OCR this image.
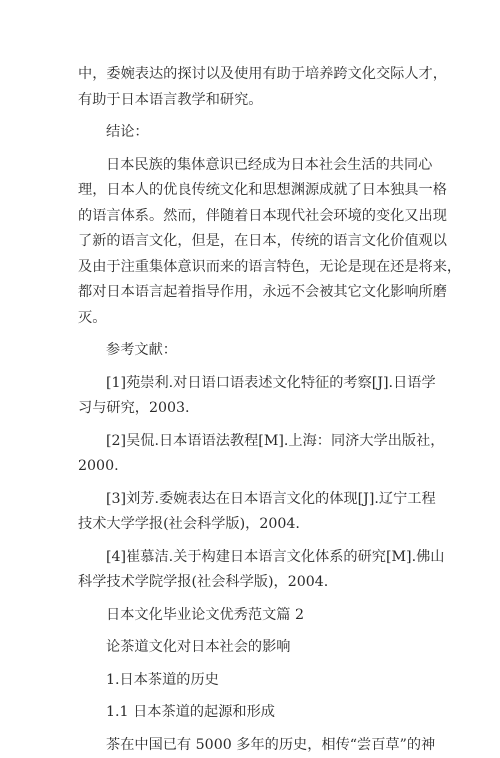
中，委婉表达的探讨以及使用有助于培养跨文化交际人才，

有助于日本语言教学和研究。

结论：

日本民族的集体意识已经成为日本社会生活的共同心

理，日本人的优良传统文化和思想渊源成就了日本独具一格

的语言体系。然而，伴随着日本现代社会环境的变化又出现

了新的语言文化，但是，在日本，传统的语言文化价值观以

及由于注重集体意识而来的语言特色，无论是现在还是将来，

都对日本语言起着指导作用，永远不会被其它文化影响所磨

灭。

参考文献：

[1]苑崇利.对日语口语表述文化特征的考察[J].日语学

习与研究，2003.

[2]吴侃.日本语语法教程[M].上海：同济大学出版社，

2000.

[3]刘芳.委婉表达在日本语言文化的体现[J].辽宁工程

技术大学学报(社会科学版)，2004.

[4]崔慕洁.关于构建日本语言文化体系的研究[M].佛山

科学技术学院学报(社会科学版)，2004.

日本文化毕业论文优秀范文篇 2

论茶道文化对日本社会的影响

1.日本茶道的历史

1.1 日本茶道的起源和形成

茶在中国已有 5000 多年的历史，相传“尝百草”的神
